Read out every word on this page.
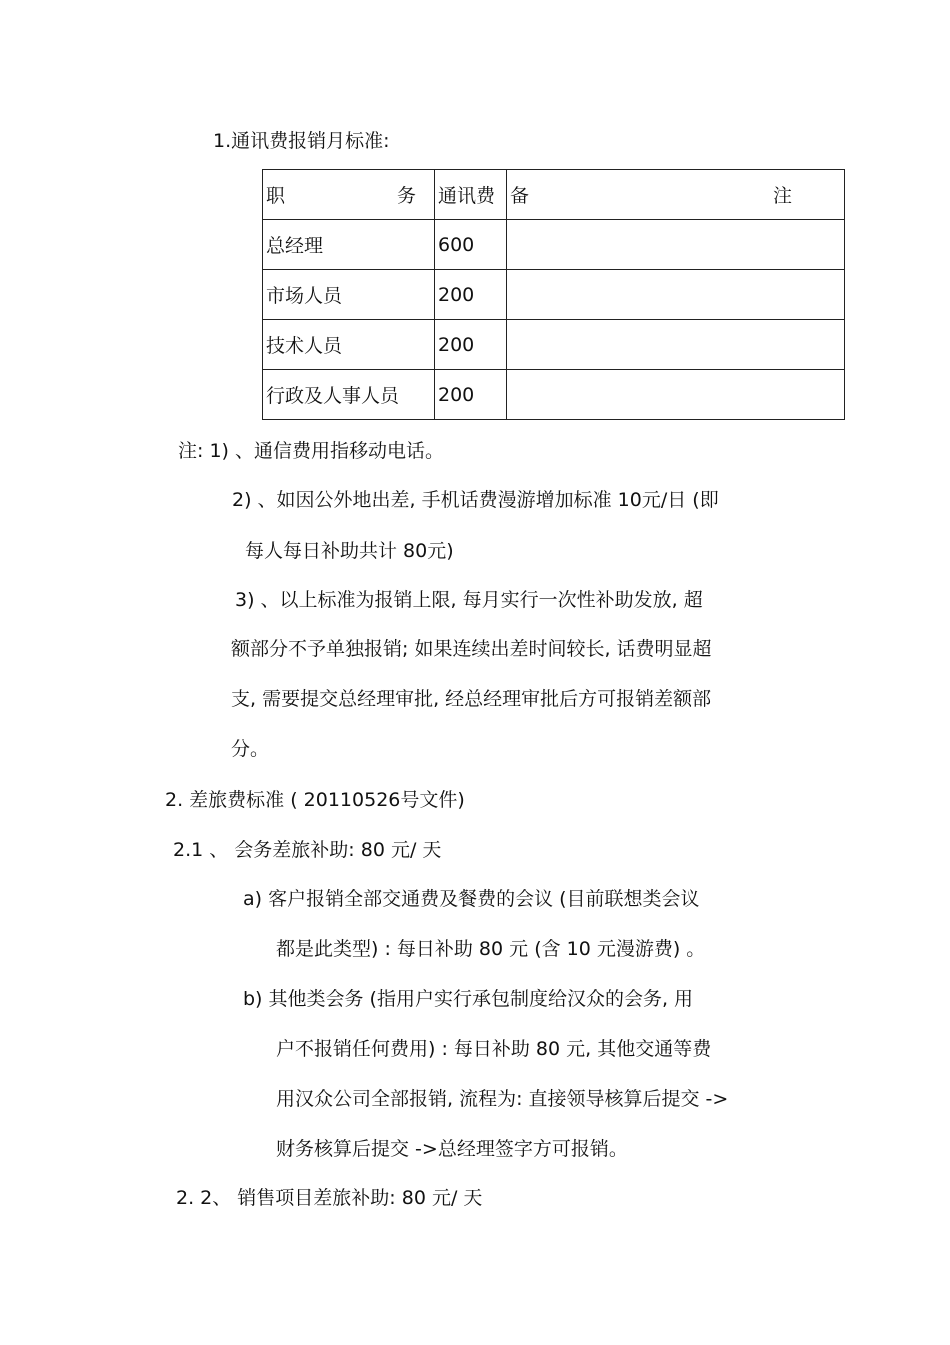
1.通讯费报销月标准:
职 务	通讯费	备 注

总经理	600	
市场人员	200	
技术人员	200	
行政及人事人员	200	
注: 1) 、通信费用指移动电话。
2) 、如因公外地出差, 手机话费漫游增加标准 10元/日 (即
每人每日补助共计 80元)
3) 、以上标准为报销上限, 每月实行一次性补助发放, 超
额部分不予单独报销; 如果连续出差时间较长, 话费明显超
支, 需要提交总经理审批, 经总经理审批后方可报销差额部
分。
2. 差旅费标准 ( 20110526号文件)
2.1 、 会务差旅补助: 80 元/ 天
a) 客户报销全部交通费及餐费的会议 (目前联想类会议
都是此类型) : 每日补助 80 元 (含 10 元漫游费) 。
b) 其他类会务 (指用户实行承包制度给汉众的会务, 用
户不报销任何费用) : 每日补助 80 元, 其他交通等费
用汉众公司全部报销, 流程为: 直接领导核算后提交 ->
财务核算后提交 ->总经理签字方可报销。
2. 2、 销售项目差旅补助: 80 元/ 天
